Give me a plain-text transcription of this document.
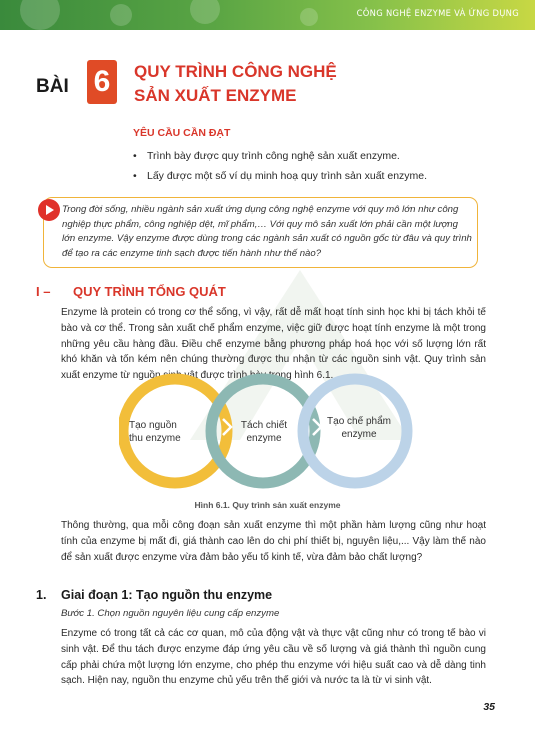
CÔNG NGHỆ ENZYME VÀ ỨNG DỤNG
BÀI 6	QUY TRÌNH CÔNG NGHỆ
SẢN XUẤT ENZYME
YÊU CẦU CẦN ĐẠT
• Trình bày được quy trình công nghệ sản xuất enzyme.
• Lấy được một số ví dụ minh hoạ quy trình sản xuất enzyme.
Trong đời sống, nhiều ngành sản xuất ứng dụng công nghệ enzyme với quy mô lớn như công nghiệp thực phẩm, công nghiệp dệt, mĩ phẩm,… Với quy mô sản xuất lớn phải cần một lượng lớn enzyme. Vậy enzyme được dùng trong các ngành sản xuất có nguồn gốc từ đâu và quy trình để tạo ra các enzyme tinh sạch được tiến hành như thế nào?
I – QUY TRÌNH TỔNG QUÁT

Enzyme là protein có trong cơ thể sống, vì vậy, rất dễ mất hoạt tính sinh học khi bị tách khỏi tế bào và cơ thể. Trong sản xuất chế phẩm enzyme, việc giữ được hoạt tính enzyme là một trong những yêu cầu hàng đầu. Điều chế enzyme bằng phương pháp hoá học với số lượng lớn rất khó khăn và tốn kém nên chúng thường được thu nhận từ các nguồn sinh vật. Quy trình sản xuất enzyme từ nguồn sinh vật được trình bày trong hình 6.1.

Tạo nguồn
thu enzyme
Tách chiết
enzyme
Tạo chế phẩm
enzyme
Hình 6.1. Quy trình sản xuất enzyme

Thông thường, qua mỗi công đoạn sản xuất enzyme thì một phần hàm lượng cũng như hoạt tính của enzyme bị mất đi, giá thành cao lên do chi phí thiết bị, nguyên liệu,... Vậy làm thế nào để sản xuất được enzyme vừa đảm bảo yếu tố kinh tế, vừa đảm bảo chất lượng?

1. Giai đoạn 1: Tạo nguồn thu enzyme
Bước 1. Chọn nguồn nguyên liệu cung cấp enzyme

Enzyme có trong tất cả các cơ quan, mô của động vật và thực vật cũng như có trong tế bào vi sinh vật. Để thu tách được enzyme đáp ứng yêu cầu về số lượng và giá thành thì nguồn cung cấp phải chứa một lượng lớn enzyme, cho phép thu enzyme với hiệu suất cao và dễ dàng tinh sạch. Hiện nay, nguồn thu enzyme chủ yếu trên thế giới và nước ta là từ vi sinh vật.

35
